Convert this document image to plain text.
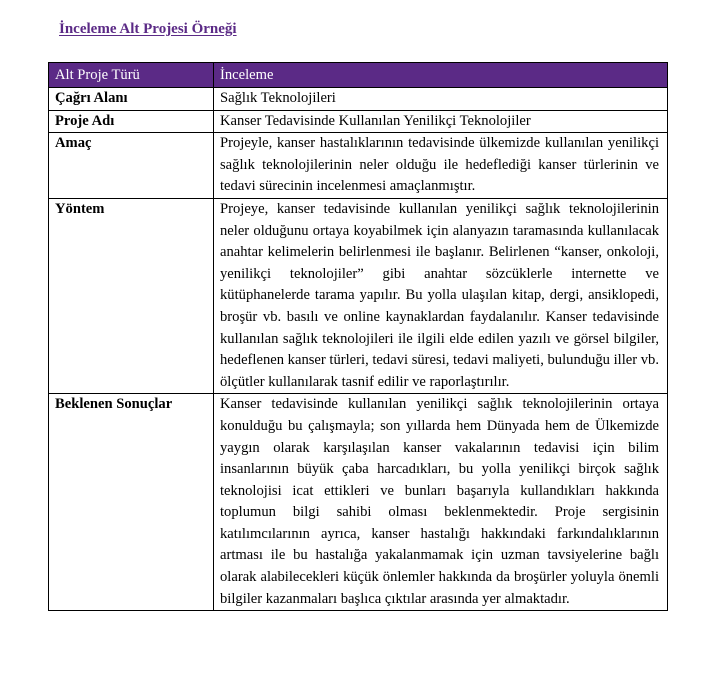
İnceleme Alt Projesi Örneği
Alt Proje Türü	İnceleme
Çağrı Alanı	Sağlık Teknolojileri
Proje Adı	Kanser Tedavisinde Kullanılan Yenilikçi Teknolojiler
Amaç	Projeyle, kanser hastalıklarının tedavisinde ülkemizde kullanılan yenilikçi sağlık teknolojilerinin neler olduğu ile hedeflediği kanser türlerinin ve tedavi sürecinin incelenmesi amaçlanmıştır.
Yöntem	Projeye, kanser tedavisinde kullanılan yenilikçi sağlık teknolojilerinin neler olduğunu ortaya koyabilmek için alanyazın taramasında kullanılacak anahtar kelimelerin belirlenmesi ile başlanır. Belirlenen “kanser, onkoloji, yenilikçi teknolojiler” gibi anahtar sözcüklerle internette ve kütüphanelerde tarama yapılır. Bu yolla ulaşılan kitap, dergi, ansiklopedi, broşür vb. basılı ve online kaynaklardan faydalanılır. Kanser tedavisinde kullanılan sağlık teknolojileri ile ilgili elde edilen yazılı ve görsel bilgiler, hedeflenen kanser türleri, tedavi süresi, tedavi maliyeti, bulunduğu iller vb. ölçütler kullanılarak tasnif edilir ve raporlaştırılır.
Beklenen Sonuçlar	Kanser tedavisinde kullanılan yenilikçi sağlık teknolojilerinin ortaya konulduğu bu çalışmayla; son yıllarda hem Dünyada hem de Ülkemizde yaygın olarak karşılaşılan kanser vakalarının tedavisi için bilim insanlarının büyük çaba harcadıkları, bu yolla yenilikçi birçok sağlık teknolojisi icat ettikleri ve bunları başarıyla kullandıkları hakkında toplumun bilgi sahibi olması beklenmektedir. Proje sergisinin katılımcılarının ayrıca, kanser hastalığı hakkındaki farkındalıklarının artması ile bu hastalığa yakalanmamak için uzman tavsiyelerine bağlı olarak alabilecekleri küçük önlemler hakkında da broşürler yoluyla önemli bilgiler kazanmaları başlıca çıktılar arasında yer almaktadır.
